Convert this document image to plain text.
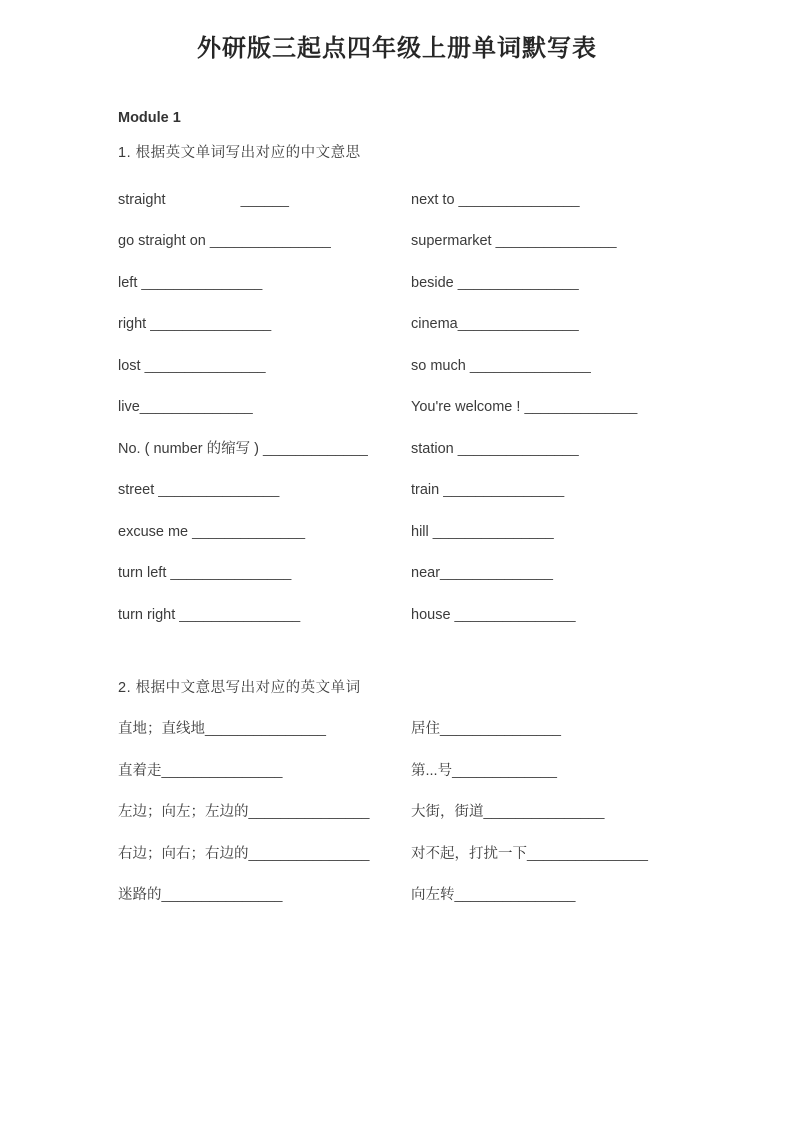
外研版三起点四年级上册单词默写表
Module 1
1. 根据英文单词写出对应的中文意思
straight	______	next to _______________
go straight on _______________	supermarket _______________
left _______________	beside _______________
right _______________	cinema_______________
lost _______________	so much _______________
live______________	You're welcome ! ______________
No. ( number 的缩写 ) _____________	station _______________
street _______________	train _______________
excuse me ______________	hill _______________
turn left _______________	near______________
turn right _______________	house _______________
2. 根据中文意思写出对应的英文单词
直地；直线地_______________	居住_______________
直着走_______________	第...号_____________
左边；向左；左边的_______________	大街，街道_______________
右边；向右；右边的_______________	对不起，打扰一下_______________
迷路的_______________	向左转_______________
